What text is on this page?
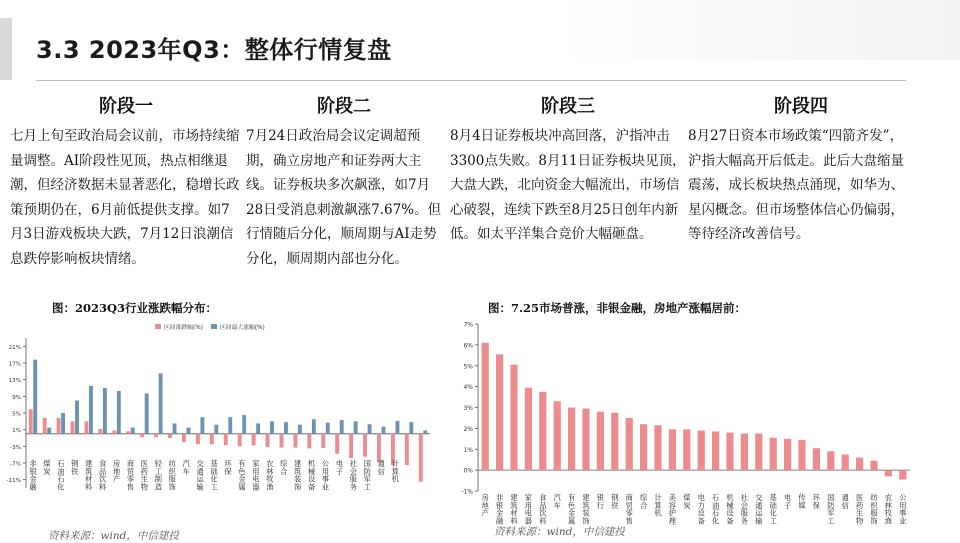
3.3 2023年Q3：整体行情复盘
阶段一

七月上旬至政治局会议前，市场持续缩量调整。AI阶段性见顶，热点相继退潮，但经济数据未显著恶化，稳增长政策预期仍在，6月前低提供支撑。如7月3日游戏板块大跌，7月12日浪潮信息跌停影响板块情绪。

阶段二

7月24日政治局会议定调超预期，确立房地产和证券两大主线。证券板块多次飙涨，如7月28日受消息刺激飙涨7.67%。但行情随后分化，顺周期与AI走势分化，顺周期内部也分化。

阶段三

8月4日证券板块冲高回落，沪指冲击3300点失败。8月11日证券板块见顶，大盘大跌，北向资金大幅流出，市场信心破裂，连续下跌至8月25日创年内新低。如太平洋集合竞价大幅砸盘。

阶段四

8月27日资本市场政策“四箭齐发”，沪指大幅高开后低走。此后大盘缩量震荡，成长板块热点涌现，如华为、星闪概念。但市场整体信心仍偏弱，等待经济改善信号。

图：2023Q3行业涨跌幅分布：	图：7.25市场普涨，非银金融，房地产涨幅居前：
21%
17%
13%
9%
5%
1%
-3%
-7%
-11%
非银金融
煤炭
石油石化
钢铁
建筑材料
食品饮料
房地产
商贸零售
医药生物
轻工制造
纺织服饰
汽车
交通运输
基础化工
环保
有色金属
家用电器
农林牧渔
综合
建筑装饰
机械设备
公用事业
电子
社会服务
国防军工
通信
计算机
区间涨跌幅(%)	区间最大涨幅(%)	7%
6%
5%
4%
3%
2%
1%
0%
-1%
房地产
非银金融
建筑材料
家用电器
食品饮料
汽车
有色金属
建筑装饰
银行
钢铁
商贸零售
综合
计算机
美容护理
煤炭
电力设备
石油石化
机械设备
社会服务
交通运输
基础化工
电子
传媒
环保
国防军工
通信
医药生物
纺织服饰
农林牧渔
公用事业
资料来源：wind，中信建投	资料来源：wind，中信建投
